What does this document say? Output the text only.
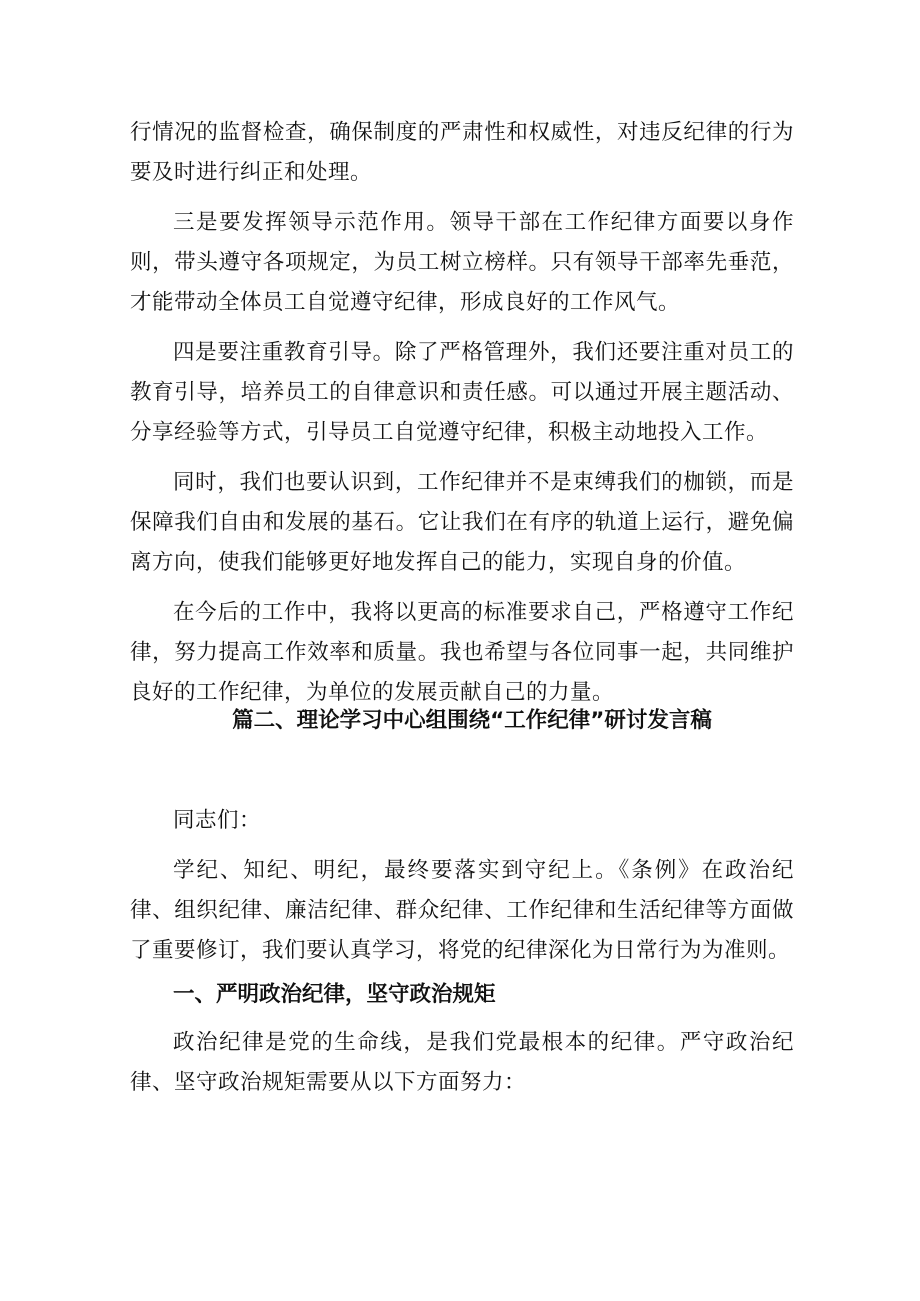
行情况的监督检查，确保制度的严肃性和权威性，对违反纪律的行为要及时进行纠正和处理。

三是要发挥领导示范作用。领导干部在工作纪律方面要以身作则，带头遵守各项规定，为员工树立榜样。只有领导干部率先垂范，才能带动全体员工自觉遵守纪律，形成良好的工作风气。

四是要注重教育引导。除了严格管理外，我们还要注重对员工的教育引导，培养员工的自律意识和责任感。可以通过开展主题活动、分享经验等方式，引导员工自觉遵守纪律，积极主动地投入工作。

同时，我们也要认识到，工作纪律并不是束缚我们的枷锁，而是保障我们自由和发展的基石。它让我们在有序的轨道上运行，避免偏离方向，使我们能够更好地发挥自己的能力，实现自身的价值。

在今后的工作中，我将以更高的标准要求自己，严格遵守工作纪律，努力提高工作效率和质量。我也希望与各位同事一起，共同维护良好的工作纪律，为单位的发展贡献自己的力量。

篇二、理论学习中心组围绕“工作纪律”研讨发言稿

同志们：

学纪、知纪、明纪，最终要落实到守纪上。《条例》在政治纪律、组织纪律、廉洁纪律、群众纪律、工作纪律和生活纪律等方面做了重要修订，我们要认真学习，将党的纪律深化为日常行为为准则。

一、严明政治纪律，坚守政治规矩

政治纪律是党的生命线，是我们党最根本的纪律。严守政治纪律、坚守政治规矩需要从以下方面努力：
